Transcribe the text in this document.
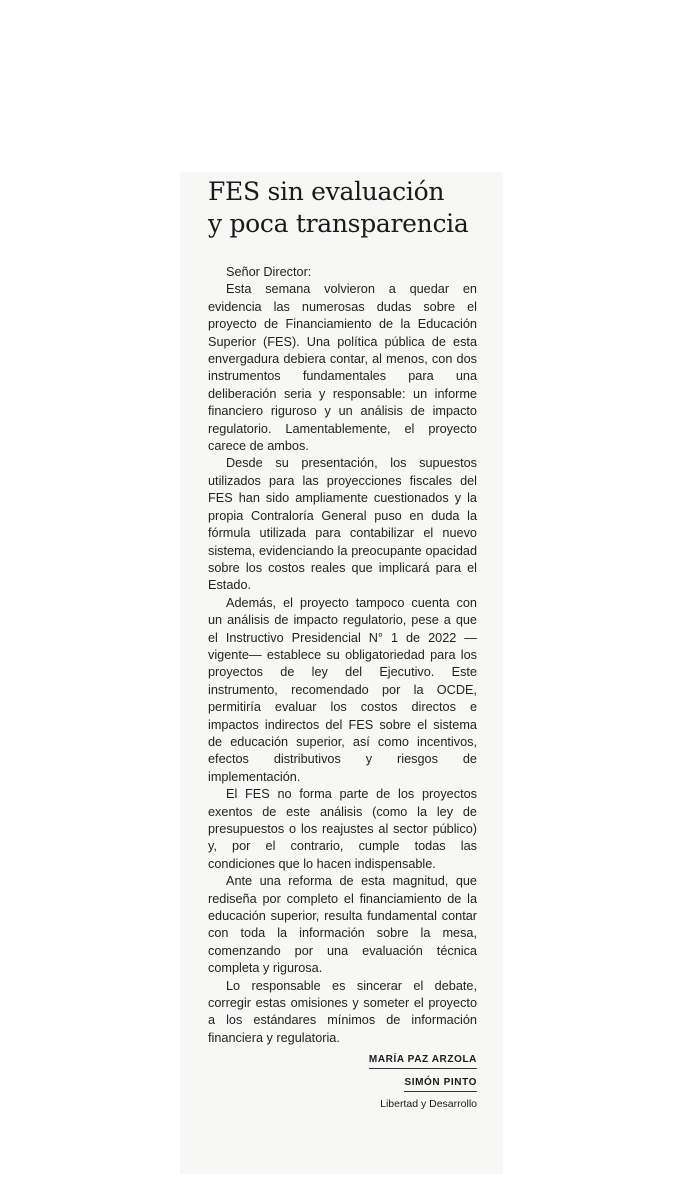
FES sin evaluación
y poca transparencia

Señor Director:

Esta semana volvieron a quedar en evidencia las numerosas dudas sobre el proyecto de Financiamiento de la Educación Superior (FES). Una política pública de esta envergadura debiera contar, al menos, con dos instrumentos fundamentales para una deliberación seria y responsable: un informe financiero riguroso y un análisis de impacto regulatorio. Lamentablemente, el proyecto carece de ambos.

Desde su presentación, los supuestos utilizados para las proyecciones fiscales del FES han sido ampliamente cuestionados y la propia Contraloría General puso en duda la fórmula utilizada para contabilizar el nuevo sistema, evidenciando la preocupante opacidad sobre los costos reales que implicará para el Estado.

Además, el proyecto tampoco cuenta con un análisis de impacto regulatorio, pese a que el Instructivo Presidencial N° 1 de 2022 —vigente— establece su obligatoriedad para los proyectos de ley del Ejecutivo. Este instrumento, recomendado por la OCDE, permitiría evaluar los costos directos e impactos indirectos del FES sobre el sistema de educación superior, así como incentivos, efectos distributivos y riesgos de implementación.

El FES no forma parte de los proyectos exentos de este análisis (como la ley de presupuestos o los reajustes al sector público) y, por el contrario, cumple todas las condiciones que lo hacen indispensable.

Ante una reforma de esta magnitud, que rediseña por completo el financiamiento de la educación superior, resulta fundamental contar con toda la información sobre la mesa, comenzando por una evaluación técnica completa y rigurosa.

Lo responsable es sincerar el debate, corregir estas omisiones y someter el proyecto a los estándares mínimos de información financiera y regulatoria.

MARÍA PAZ ARZOLA
SIMÓN PINTO
Libertad y Desarrollo
